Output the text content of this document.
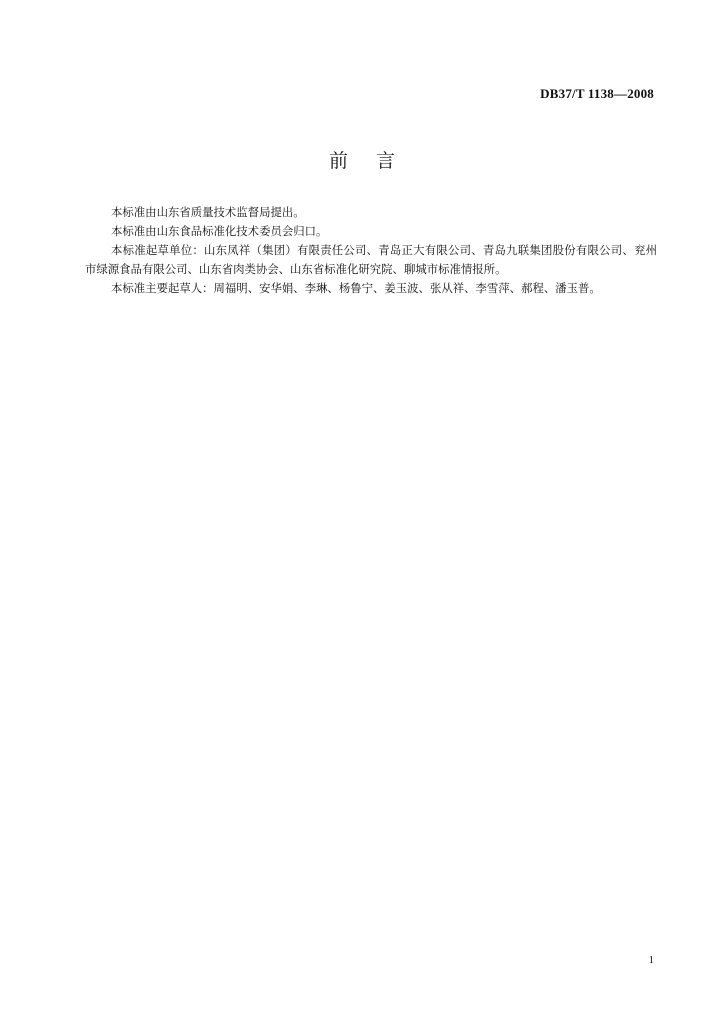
DB37/T 1138—2008
前言

本标准由山东省质量技术监督局提出。

本标准由山东食品标准化技术委员会归口。

本标准起草单位：山东凤祥（集团）有限责任公司、青岛正大有限公司、青岛九联集团股份有限公司、兖州市绿源食品有限公司、山东省肉类协会、山东省标准化研究院、聊城市标准情报所。

本标准主要起草人：周福明、安华娟、李琳、杨鲁宁、姜玉波、张从祥、李雪萍、郝程、潘玉普。

1
